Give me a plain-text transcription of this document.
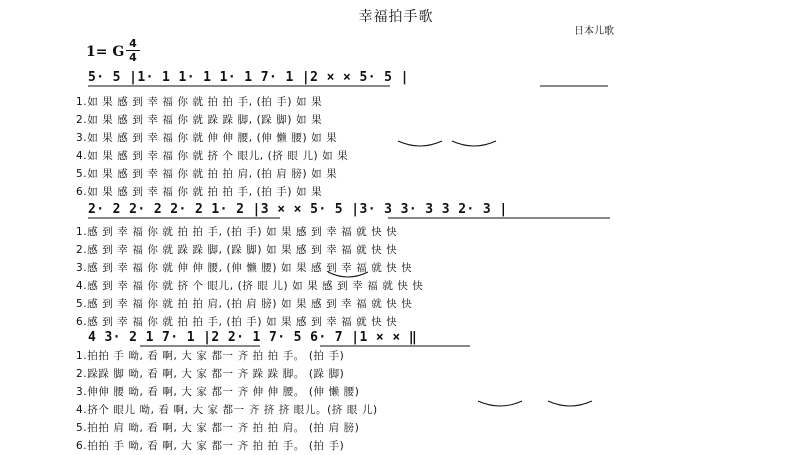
幸福拍手歌
日本儿歌
1= G
4
4
5· 5 |1· 1 1· 1 1· 1 7· 1 |2 × × 5· 5 |
1.如 果 感 到 幸 福 你 就 拍 拍 手, (拍 手) 如 果
2.如 果 感 到 幸 福 你 就 跺 跺 脚, (跺 脚) 如 果
3.如 果 感 到 幸 福 你 就 伸 伸 腰, (伸 懒 腰) 如 果
4.如 果 感 到 幸 福 你 就 挤 个 眼儿, (挤 眼 儿) 如 果
5.如 果 感 到 幸 福 你 就 拍 拍 肩, (拍 肩 膀) 如 果
6.如 果 感 到 幸 福 你 就 拍 拍 手, (拍 手) 如 果
2· 2 2· 2 2· 2 1· 2 |3 × × 5· 5 |3· 3 3· 3 3 2· 3 |
1.感 到 幸 福 你 就 拍 拍 手, (拍 手) 如 果 感 到 幸 福 就 快 快
2.感 到 幸 福 你 就 跺 跺 脚, (跺 脚) 如 果 感 到 幸 福 就 快 快
3.感 到 幸 福 你 就 伸 伸 腰, (伸 懒 腰) 如 果 感 到 幸 福 就 快 快
4.感 到 幸 福 你 就 挤 个 眼儿, (挤 眼 儿) 如 果 感 到 幸 福 就 快 快
5.感 到 幸 福 你 就 拍 拍 肩, (拍 肩 膀) 如 果 感 到 幸 福 就 快 快
6.感 到 幸 福 你 就 拍 拍 手, (拍 手) 如 果 感 到 幸 福 就 快 快
4 3· 2 1 7· 1 |2 2· 1 7· 5 6· 7 |1 × × ‖
1.拍拍 手 呦, 看 啊, 大 家 都一 齐 拍 拍 手。 (拍 手)
2.跺跺 脚 呦, 看 啊, 大 家 都一 齐 跺 跺 脚。 (跺 脚)
3.伸伸 腰 呦, 看 啊, 大 家 都一 齐 伸 伸 腰。 (伸 懒 腰)
4.挤个 眼儿 呦, 看 啊, 大 家 都一 齐 挤 挤 眼儿。(挤 眼 儿)
5.拍拍 肩 呦, 看 啊, 大 家 都一 齐 拍 拍 肩。 (拍 肩 膀)
6.拍拍 手 呦, 看 啊, 大 家 都一 齐 拍 拍 手。 (拍 手)
